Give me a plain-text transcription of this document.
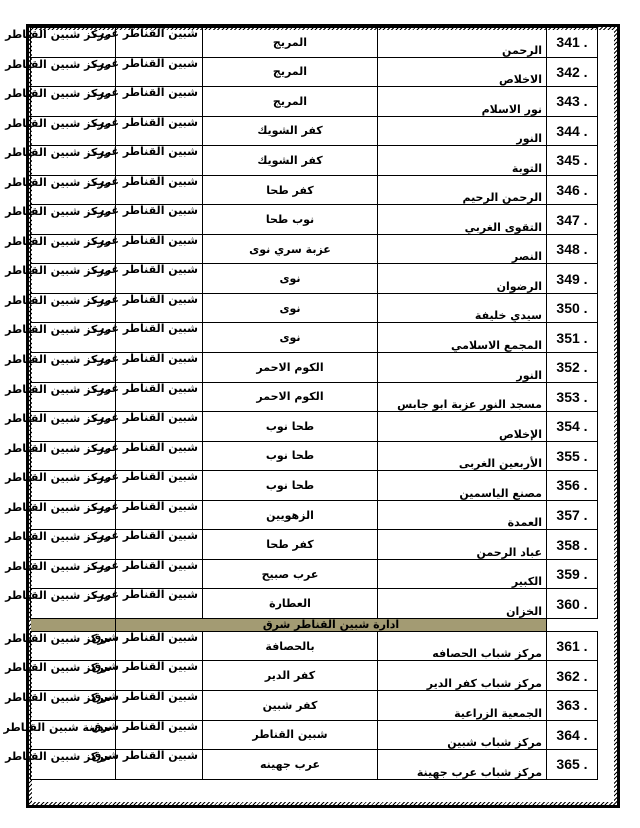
341 .	الرحمن	المريج	شبين القناطر غرب	مركز شبين القناطر
342 .	الاخلاص	المريج	شبين القناطر غرب	مركز شبين القناطر
343 .	نور الاسلام	المريج	شبين القناطر غرب	مركز شبين القناطر
344 .	النور	كفر الشويك	شبين القناطر غرب	مركز شبين القناطر
345 .	التوبة	كفر الشويك	شبين القناطر غرب	مركز شبين القناطر
346 .	الرحمن الرحيم	كفر طحا	شبين القناطر غرب	مركز شبين القناطر
347 .	التقوى الغربي	نوب طحا	شبين القناطر غرب	مركز شبين القناطر
348 .	النصر	عزبة سري نوى	شبين القناطر غرب	مركز شبين القناطر
349 .	الرضوان	نوى	شبين القناطر غرب	مركز شبين القناطر
350 .	سيدي خليفة	نوى	شبين القناطر غرب	مركز شبين القناطر
351 .	المجمع الاسلامي	نوى	شبين القناطر غرب	مركز شبين القناطر
352 .	النور	الكوم الاحمر	شبين القناطر غرب	مركز شبين القناطر
353 .	مسجد النور عزبة ابو جابس	الكوم الاحمر	شبين القناطر غرب	مركز شبين القناطر
354 .	الإخلاص	طحا نوب	شبين القناطر غرب	مركز شبين القناطر
355 .	الأربعين الغربى	طحا نوب	شبين القناطر غرب	مركز شبين القناطر
356 .	مصنع الياسمين	طحا نوب	شبين القناطر غرب	مركز شبين القناطر
357 .	العمدة	الزهويين	شبين القناطر غرب	مركز شبين القناطر
358 .	عباد الرحمن	كفر طحا	شبين القناطر غرب	مركز شبين القناطر
359 .	الكبير	عرب صبيح	شبين القناطر غرب	مركز شبين القناطر
360 .	الخزان	العطارة	شبين القناطر غرب	مركز شبين القناطر
	ادارة شبين القناطر شرق			
361 .	مركز شباب الحصافه	بالحصافة	شبين القناطر شرق	مركز شبين القناطر
362 .	مركز شباب كفر الدير	كفر الدير	شبين القناطر شرق	مركز شبين القناطر
363 .	الجمعية الزراعية	كفر شبين	شبين القناطر شرق	مركز شبين القناطر
364 .	مركز شباب شبين	شبين القناطر	شبين القناطر شرق	مدينة شبين القناطر
365 .	مركز شباب عرب جهينة	عرب جهينه	شبين القناطر شرق	مركز شبين القناطر
